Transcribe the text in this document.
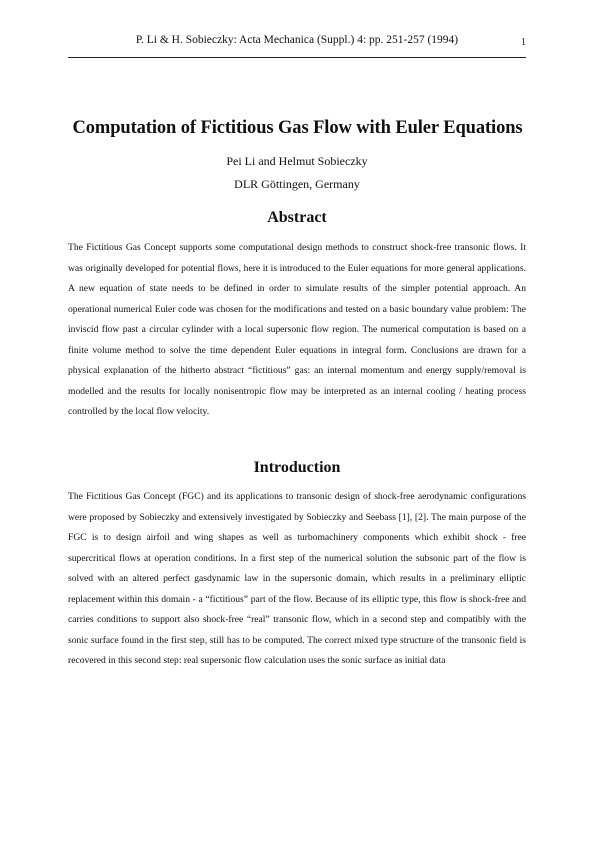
P. Li & H. Sobieczky: Acta Mechanica (Suppl.) 4: pp. 251-257 (1994)	1
Computation of Fictitious Gas Flow with Euler Equations
Pei Li and Helmut Sobieczky
DLR Göttingen, Germany
Abstract

The Fictitious Gas Concept supports some computational design methods to construct shock-free transonic flows. It was originally developed for potential flows, here it is introduced to the Euler equations for more general applications. A new equation of state needs to be defined in order to simulate results of the simpler potential approach. An operational numerical Euler code was chosen for the modifications and tested on a basic boundary value problem: The inviscid flow past a circular cylinder with a local supersonic flow region. The numerical computation is based on a finite volume method to solve the time dependent Euler equations in integral form. Conclusions are drawn for a physical explanation of the hitherto abstract “fictitious” gas: an internal momentum and energy supply/removal is modelled and the results for locally nonisentropic flow may be interpreted as an internal cooling / heating process controlled by the local flow velocity.

Introduction

The Fictitious Gas Concept (FGC) and its applications to transonic design of shock-free aerodynamic configurations were proposed by Sobieczky and extensively investigated by Sobieczky and Seebass [1], [2]. The main purpose of the FGC is to design airfoil and wing shapes as well as turbomachinery components which exhibit shock - free supercritical flows at operation conditions. In a first step of the numerical solution the subsonic part of the flow is solved with an altered perfect gasdynamic law in the supersonic domain, which results in a preliminary elliptic replacement within this domain - a “fictitious” part of the flow. Because of its elliptic type, this flow is shock-free and carries conditions to support also shock-free “real” transonic flow, which in a second step and compatibly with the sonic surface found in the first step, still has to be computed. The correct mixed type structure of the transonic field is recovered in this second step: real supersonic flow calculation uses the sonic surface as initial data
